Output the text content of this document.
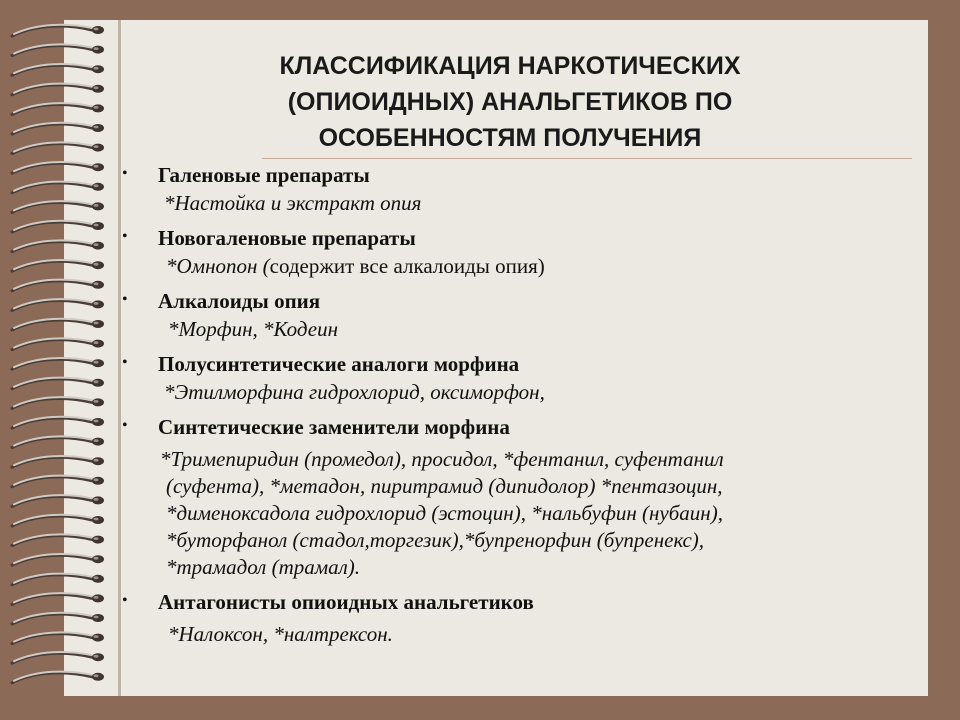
КЛАССИФИКАЦИЯ НАРКОТИЧЕСКИХ
(ОПИОИДНЫХ) АНАЛЬГЕТИКОВ ПО
ОСОБЕННОСТЯМ ПОЛУЧЕНИЯ
• Галеновые препараты
*Настойка и экстракт опия
• Новогаленовые препараты
*Омнопон (содержит все алкалоиды опия)
• Алкалоиды опия
*Морфин, *Кодеин
• Полусинтетические аналоги морфина
*Этилморфина гидрохлорид, оксиморфон,
• Синтетические заменители морфина

*Тримепиридин (промедол), просидол, *фентанил, суфентанил

(суфента), *метадон, пиритрамид (дипидолор) *пентазоцин,

*дименоксадола гидрохлорид (эстоцин), *нальбуфин (нубаин),

*буторфанол (стадол,торгезик),*бупренорфин (бупренекс),

*трамадол (трамал).

• Антагонисты опиоидных анальгетиков
*Налоксон, *налтрексон.
